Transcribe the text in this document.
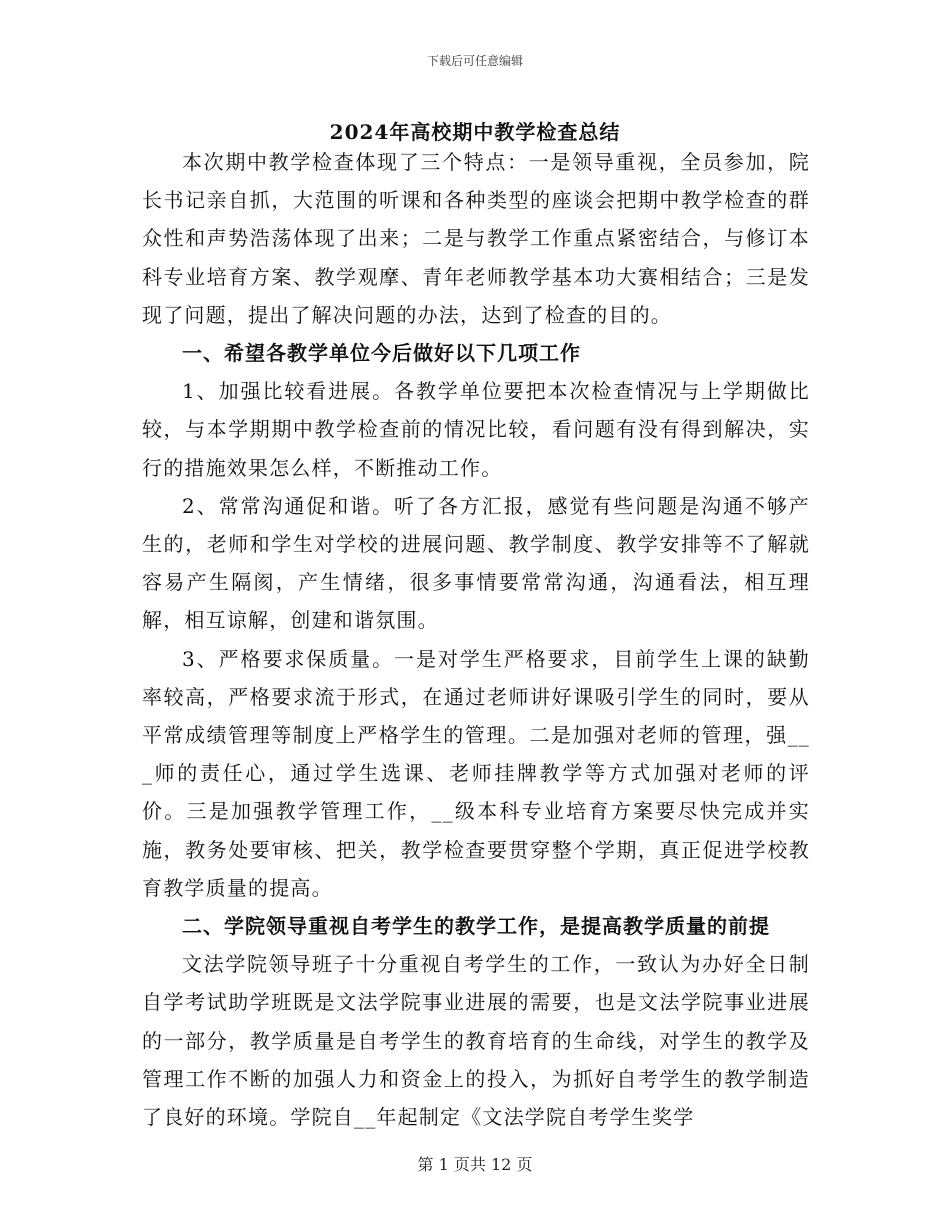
下载后可任意编辑
2024年高校期中教学检查总结

本次期中教学检查体现了三个特点：一是领导重视，全员参加，院长书记亲自抓，大范围的听课和各种类型的座谈会把期中教学检查的群众性和声势浩荡体现了出来；二是与教学工作重点紧密结合，与修订本科专业培育方案、教学观摩、青年老师教学基本功大赛相结合；三是发现了问题，提出了解决问题的办法，达到了检查的目的。

一、希望各教学单位今后做好以下几项工作

1、加强比较看进展。各教学单位要把本次检查情况与上学期做比较，与本学期期中教学检查前的情况比较，看问题有没有得到解决，实行的措施效果怎么样，不断推动工作。

2、常常沟通促和谐。听了各方汇报，感觉有些问题是沟通不够产生的，老师和学生对学校的进展问题、教学制度、教学安排等不了解就容易产生隔阂，产生情绪，很多事情要常常沟通，沟通看法，相互理解，相互谅解，创建和谐氛围。

3、严格要求保质量。一是对学生严格要求，目前学生上课的缺勤率较高，严格要求流于形式，在通过老师讲好课吸引学生的同时，要从平常成绩管理等制度上严格学生的管理。二是加强对老师的管理，强___师的责任心，通过学生选课、老师挂牌教学等方式加强对老师的评价。三是加强教学管理工作，__级本科专业培育方案要尽快完成并实施，教务处要审核、把关，教学检查要贯穿整个学期，真正促进学校教育教学质量的提高。

二、学院领导重视自考学生的教学工作，是提高教学质量的前提

文法学院领导班子十分重视自考学生的工作，一致认为办好全日制自学考试助学班既是文法学院事业进展的需要，也是文法学院事业进展的一部分，教学质量是自考学生的教育培育的生命线，对学生的教学及管理工作不断的加强人力和资金上的投入，为抓好自考学生的教学制造了良好的环境。学院自__年起制定《文法学院自考学生奖学

第 1 页共 12 页
